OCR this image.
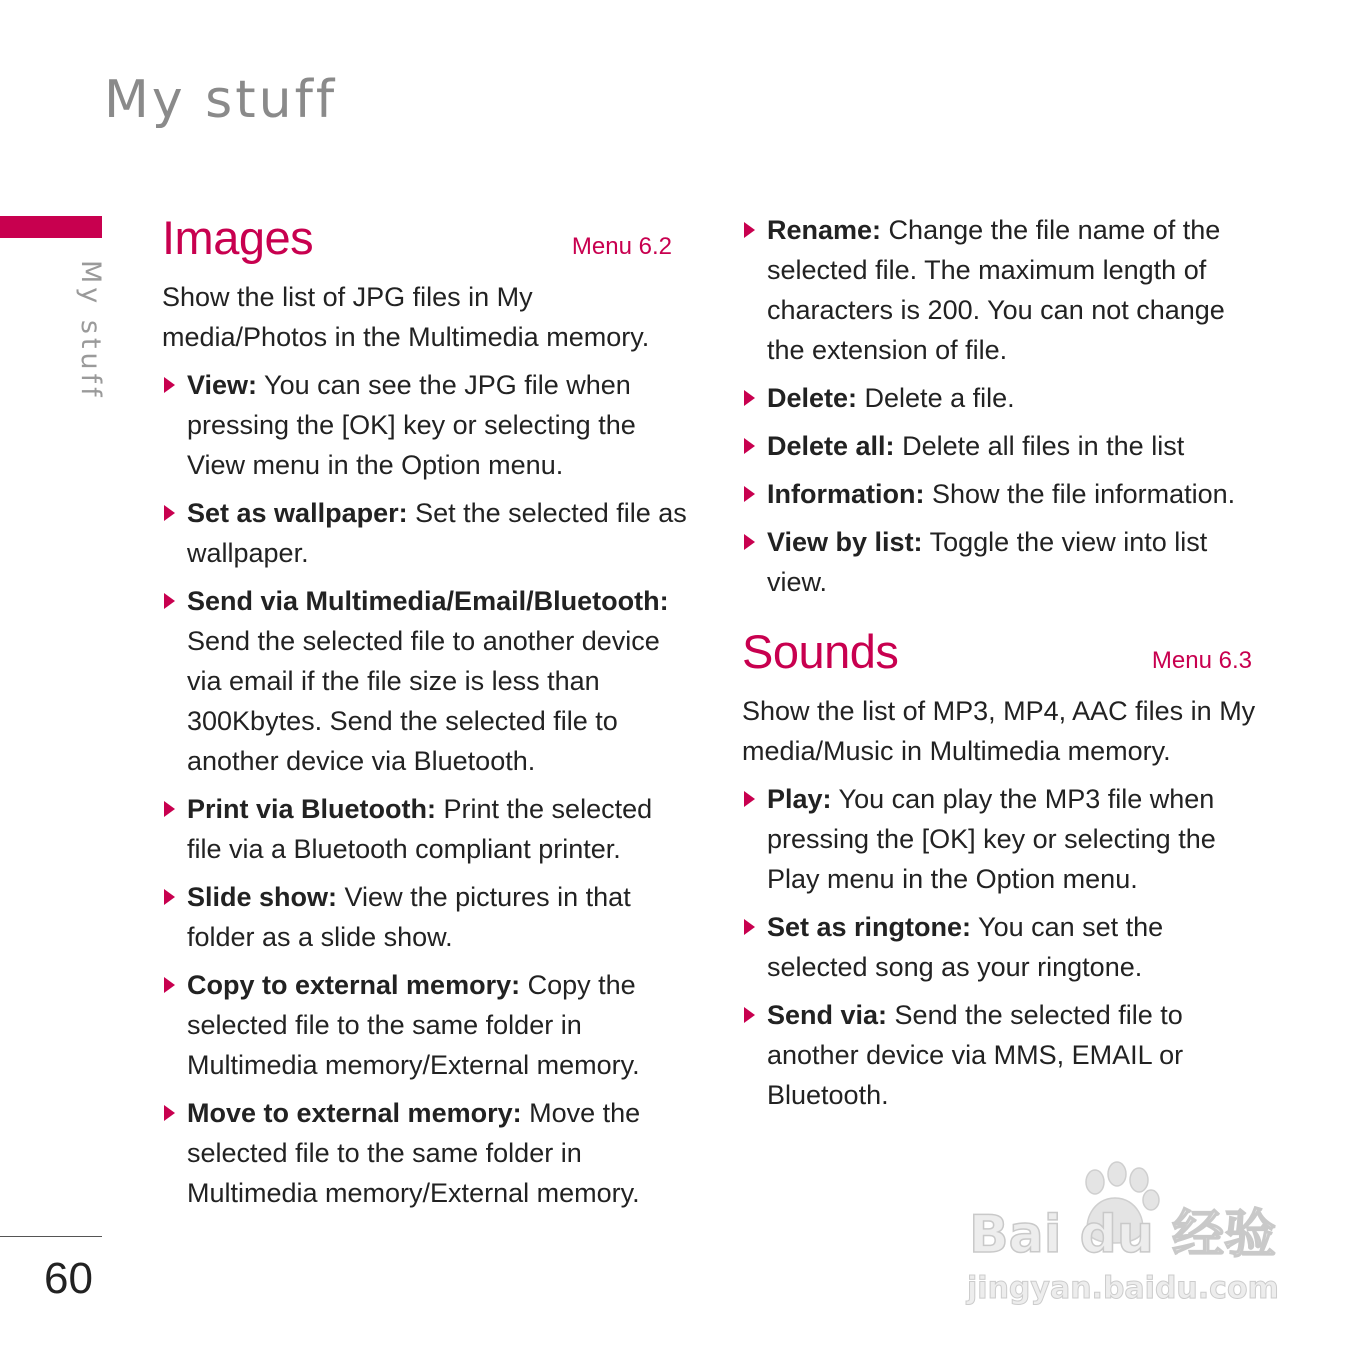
My stuff
My stuff
60
Images	Menu 6.2

Show the list of JPG files in My media/Photos in the Multimedia memory.

View: You can see the JPG file when pressing the [OK] key or selecting the View menu in the Option menu.
Set as wallpaper: Set the selected file as wallpaper.
Send via Multimedia/Email/Bluetooth: Send the selected file to another device via email if the file size is less than 300Kbytes. Send the selected file to another device via Bluetooth.
Print via Bluetooth: Print the selected file via a Bluetooth compliant printer.
Slide show: View the pictures in that folder as a slide show.
Copy to external memory: Copy the selected file to the same folder in Multimedia memory/External memory.
Move to external memory: Move the selected file to the same folder in Multimedia memory/External memory.
Rename: Change the file name of the selected file. The maximum length of characters is 200. You can not change the extension of file.
Delete: Delete a file.
Delete all: Delete all files in the list
Information: Show the file information.
View by list: Toggle the view into list view.
Sounds	Menu 6.3

Show the list of MP3, MP4, AAC files in My media/Music in Multimedia memory.

Play: You can play the MP3 file when pressing the [OK] key or selecting the Play menu in the Option menu.
Set as ringtone: You can set the selected song as your ringtone.
Send via: Send the selected file to another device via MMS, EMAIL or Bluetooth.
Bai du 经验
jingyan.baidu.com
